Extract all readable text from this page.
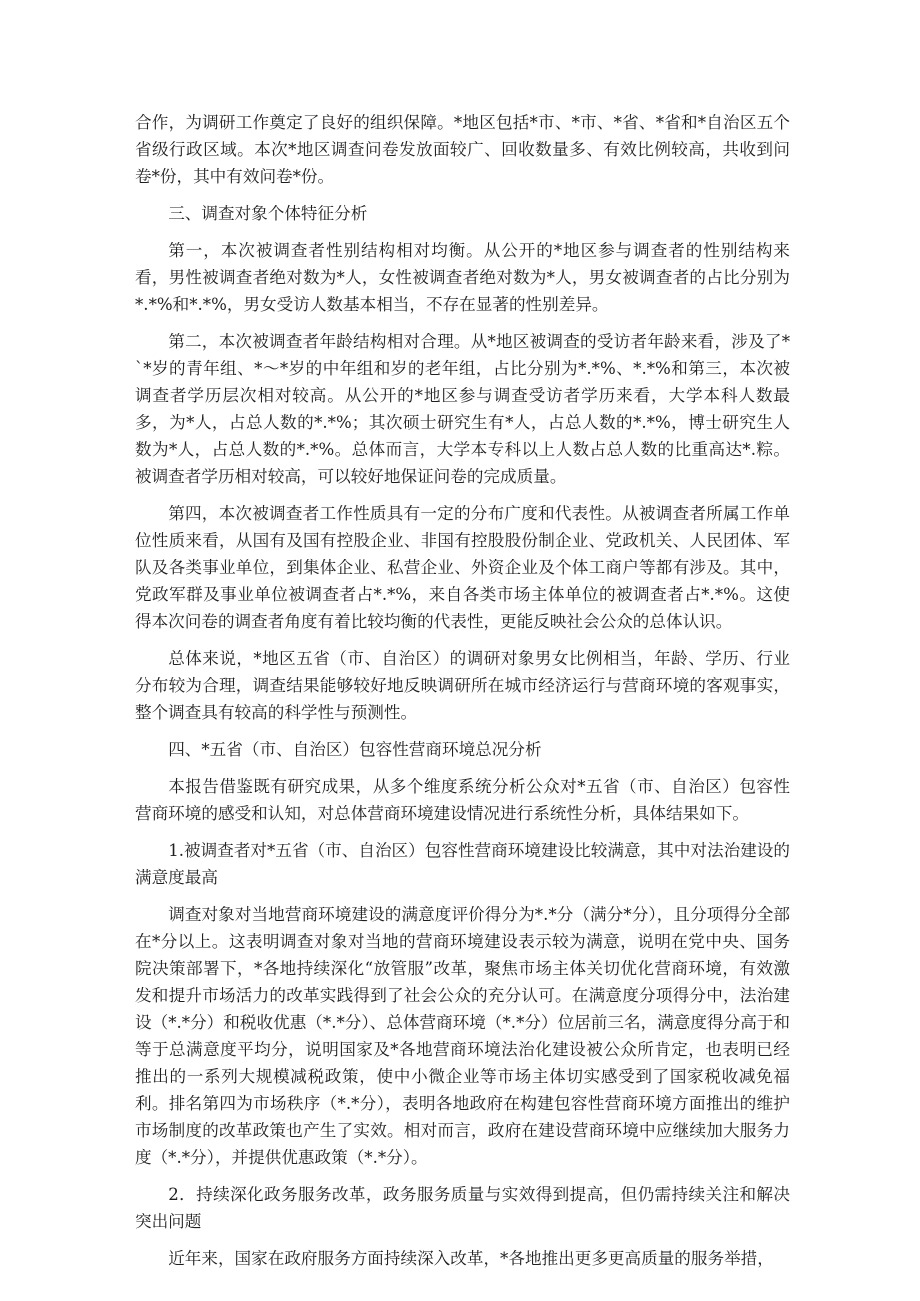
合作，为调研工作奠定了良好的组织保障。*地区包括*市、*市、*省、*省和*自治区五个省级行政区域。本次*地区调查问卷发放面较广、回收数量多、有效比例较高，共收到问卷*份，其中有效问卷*份。

三、调查对象个体特征分析

第一，本次被调查者性别结构相对均衡。从公开的*地区参与调查者的性别结构来看，男性被调查者绝对数为*人，女性被调查者绝对数为*人，男女被调查者的占比分别为*.*%和*.*%，男女受访人数基本相当，不存在显著的性别差异。

第二，本次被调查者年龄结构相对合理。从*地区被调查的受访者年龄来看，涉及了*`*岁的青年组、*～*岁的中年组和岁的老年组，占比分别为*.*%、*.*%和第三，本次被调查者学历层次相对较高。从公开的*地区参与调查受访者学历来看，大学本科人数最多，为*人，占总人数的*.*%；其次硕士研究生有*人，占总人数的*.*%，博士研究生人数为*人，占总人数的*.*%。总体而言，大学本专科以上人数占总人数的比重高达*.粽。被调查者学历相对较高，可以较好地保证问卷的完成质量。

第四，本次被调查者工作性质具有一定的分布广度和代表性。从被调查者所属工作单位性质来看，从国有及国有控股企业、非国有控股股份制企业、党政机关、人民团体、军队及各类事业单位，到集体企业、私营企业、外资企业及个体工商户等都有涉及。其中，党政军群及事业单位被调查者占*.*%，来自各类市场主体单位的被调查者占*.*%。这使得本次问卷的调查者角度有着比较均衡的代表性，更能反映社会公众的总体认识。

总体来说，*地区五省（市、自治区）的调研对象男女比例相当，年龄、学历、行业分布较为合理，调查结果能够较好地反映调研所在城市经济运行与营商环境的客观事实，整个调查具有较高的科学性与预测性。

四、*五省（市、自治区）包容性营商环境总况分析

本报告借鉴既有研究成果，从多个维度系统分析公众对*五省（市、自治区）包容性营商环境的感受和认知，对总体营商环境建设情况进行系统性分析，具体结果如下。

1.被调查者对*五省（市、自治区）包容性营商环境建设比较满意，其中对法治建设的满意度最高

调查对象对当地营商环境建设的满意度评价得分为*.*分（满分*分），且分项得分全部在*分以上。这表明调查对象对当地的营商环境建设表示较为满意，说明在党中央、国务院决策部署下，*各地持续深化“放管服”改革，聚焦市场主体关切优化营商环境，有效激发和提升市场活力的改革实践得到了社会公众的充分认可。在满意度分项得分中，法治建设（*.*分）和税收优惠（*.*分）、总体营商环境（*.*分）位居前三名，满意度得分高于和等于总满意度平均分，说明国家及*各地营商环境法治化建设被公众所肯定，也表明已经推出的一系列大规模减税政策，使中小微企业等市场主体切实感受到了国家税收减免福利。排名第四为市场秩序（*.*分），表明各地政府在构建包容性营商环境方面推出的维护市场制度的改革政策也产生了实效。相对而言，政府在建设营商环境中应继续加大服务力度（*.*分），并提供优惠政策（*.*分）。

2．持续深化政务服务改革，政务服务质量与实效得到提高，但仍需持续关注和解决突出问题

近年来，国家在政府服务方面持续深入改革，*各地推出更多更高质量的服务举措，
